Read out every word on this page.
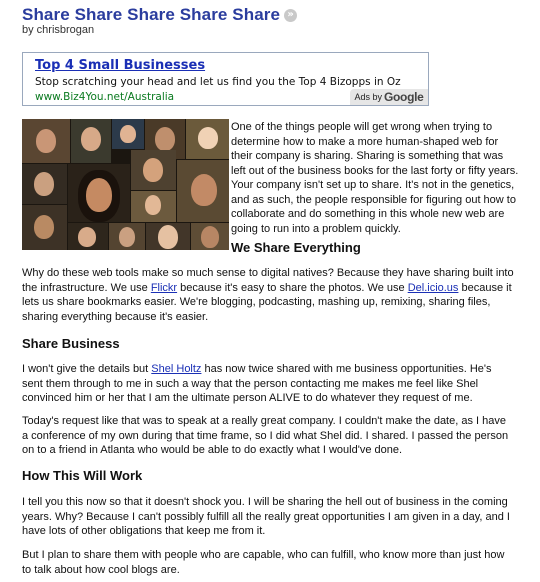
Share Share Share Share Share »
by chrisbrogan
Top 4 Small Businesses
Stop scratching your head and let us find you the Top 4 Bizopps in Oz
www.Biz4You.net/Australia	Ads by Google
One of the things people will get wrong when trying to
determine how to make a more human-shaped web for
their company is sharing. Sharing is something that was
left out of the business books for the last forty or fifty years.
Your company isn't set up to share. It's not in the genetics,
and as such, the people responsible for figuring out how to
collaborate and do something in this whole new web are
going to run into a problem quickly.
We Share Everything
Why do these web tools make so much sense to digital natives? Because they have sharing built into
the infrastructure. We use Flickr because it's easy to share the photos. We use Del.icio.us because it
lets us share bookmarks easier. We're blogging, podcasting, mashing up, remixing, sharing files,
sharing everything because it's easier.
Share Business
I won't give the details but Shel Holtz has now twice shared with me business opportunities. He's
sent them through to me in such a way that the person contacting me makes me feel like Shel
convinced him or her that I am the ultimate person ALIVE to do whatever they request of me.
Today's request like that was to speak at a really great company. I couldn't make the date, as I have
a conference of my own during that time frame, so I did what Shel did. I shared. I passed the person
on to a friend in Atlanta who would be able to do exactly what I would've done.
How This Will Work
I tell you this now so that it doesn't shock you. I will be sharing the hell out of business in the coming
years. Why? Because I can't possibly fulfill all the really great opportunities I am given in a day, and I
have lots of other obligations that keep me from it.
But I plan to share them with people who are capable, who can fulfill, who know more than just how
to talk about how cool blogs are.
